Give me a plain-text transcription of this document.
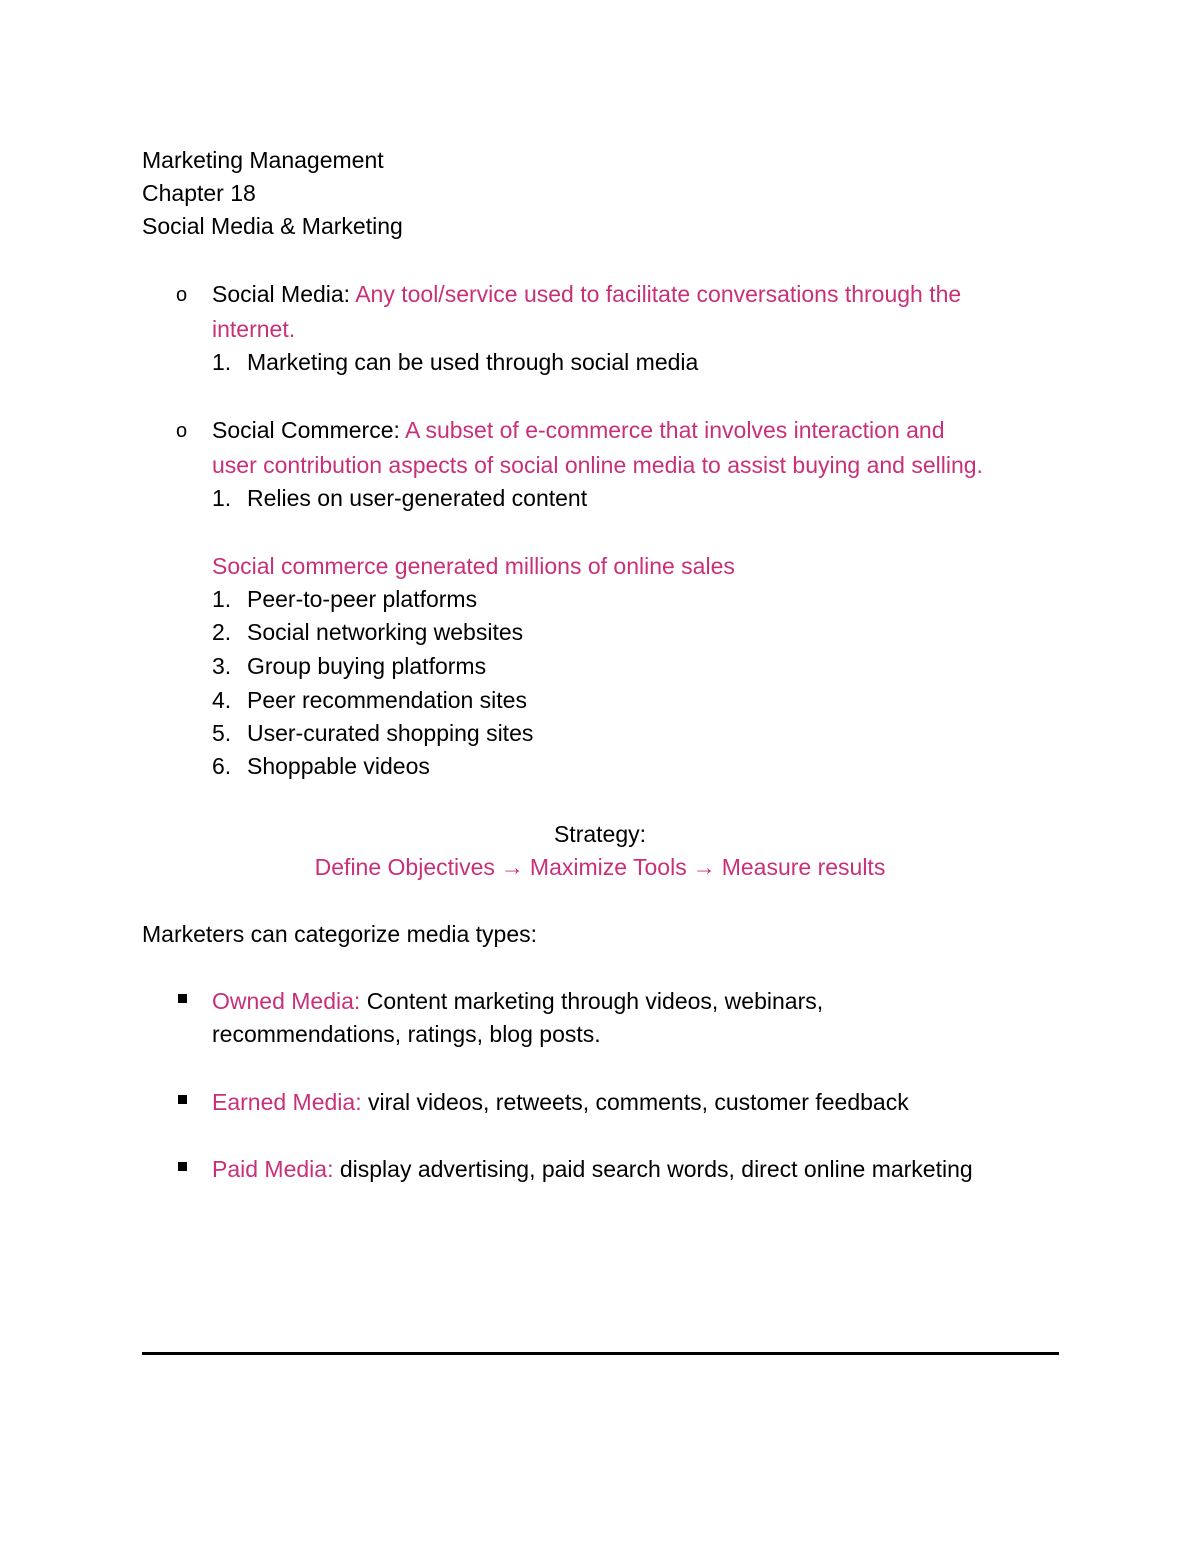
Marketing Management
Chapter 18
Social Media & Marketing
o Social Media: Any tool/service used to facilitate conversations through the
internet.
1. Marketing can be used through social media
o Social Commerce: A subset of e-commerce that involves interaction and
user contribution aspects of social online media to assist buying and selling.
1. Relies on user-generated content
Social commerce generated millions of online sales
1. Peer-to-peer platforms
2. Social networking websites
3. Group buying platforms
4. Peer recommendation sites
5. User-curated shopping sites
6. Shoppable videos
Strategy:
Define Objectives → Maximize Tools → Measure results
Marketers can categorize media types:
Owned Media: Content marketing through videos, webinars,
recommendations, ratings, blog posts.
Earned Media: viral videos, retweets, comments, customer feedback
Paid Media: display advertising, paid search words, direct online marketing
